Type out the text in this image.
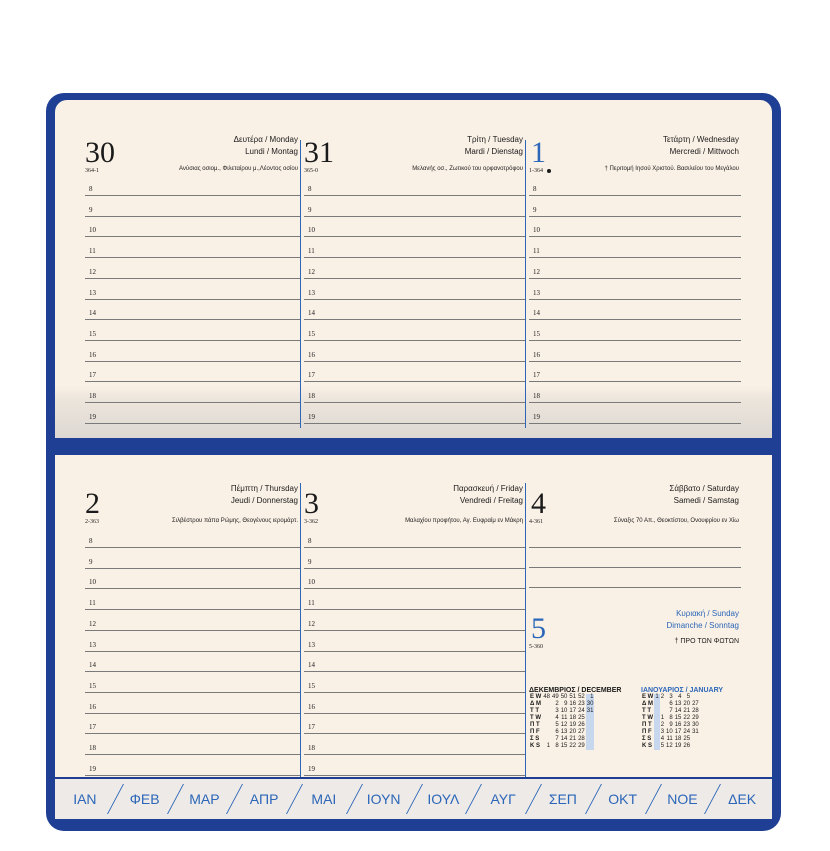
30
364-1
Δευτέρα / Monday
Lundi / Montag
Ανύσιας οσιομ., Φιλεταίρου μ.,Λέοντος οσίου
8
9
10
11
12
13
14
15
16
17
18
19
31
365-0
Τρίτη / Tuesday
Mardi / Dienstag
Μελανής οσ., Ζωτικού του ορφανοτρόφου
8
9
10
11
12
13
14
15
16
17
18
19
1
1-364
Τετάρτη / Wednesday
Mercredi / Mittwoch
† Περιτομή Ιησού Χριστού. Βασιλείου του Μεγάλου
8
9
10
11
12
13
14
15
16
17
18
19
2
2-363
Πέμπτη / Thursday
Jeudi / Donnerstag
Σιλβέστρου πάπα Ρώμης, Θεογένους ιερομάρτ.
8
9
10
11
12
13
14
15
16
17
18
19
3
3-362
Παρασκευή / Friday
Vendredi / Freitag
Μαλαχίου προφήτου, Αγ. Ευφραίμ εν Μάκρη
8
9
10
11
12
13
14
15
16
17
18
19
4
4-361
Σάββατο / Saturday
Samedi / Samstag
Σύναξις 70 Απ., Θεοκτίστου, Ονουφρίου εν Χίω
5
5-360
Κυριακή / Sunday
Dimanche / Sonntag
† ΠΡΟ ΤΩΝ ΦΩΤΩΝ
ΔΕΚΕΜΒΡΙΟΣ / DECEMBER
E W	48	49	50	51	52	1
Δ M		2	9	16	23	30
T T		3	10	17	24	31
T W		4	11	18	25	
Π T		5	12	19	26	
Π F		6	13	20	27	
Σ S		7	14	21	28	
K S	1	8	15	22	29	
ΙΑΝΟΥΑΡΙΟΣ / JANUARY
E W	1	2	3	4	5	
Δ M			6	13	20	27
T T			7	14	21	28
T W		1	8	15	22	29
Π T		2	9	16	23	30
Π F		3	10	17	24	31
Σ S		4	11	18	25	
K S		5	12	19	26	
ΙΑΝ	ΦΕΒ	ΜΑΡ	ΑΠΡ	ΜΑΙ	ΙΟΥΝ ΙΟΥΛ	ΑΥΓ	ΣΕΠ	ΟΚΤ	ΝΟΕ	ΔΕΚ
